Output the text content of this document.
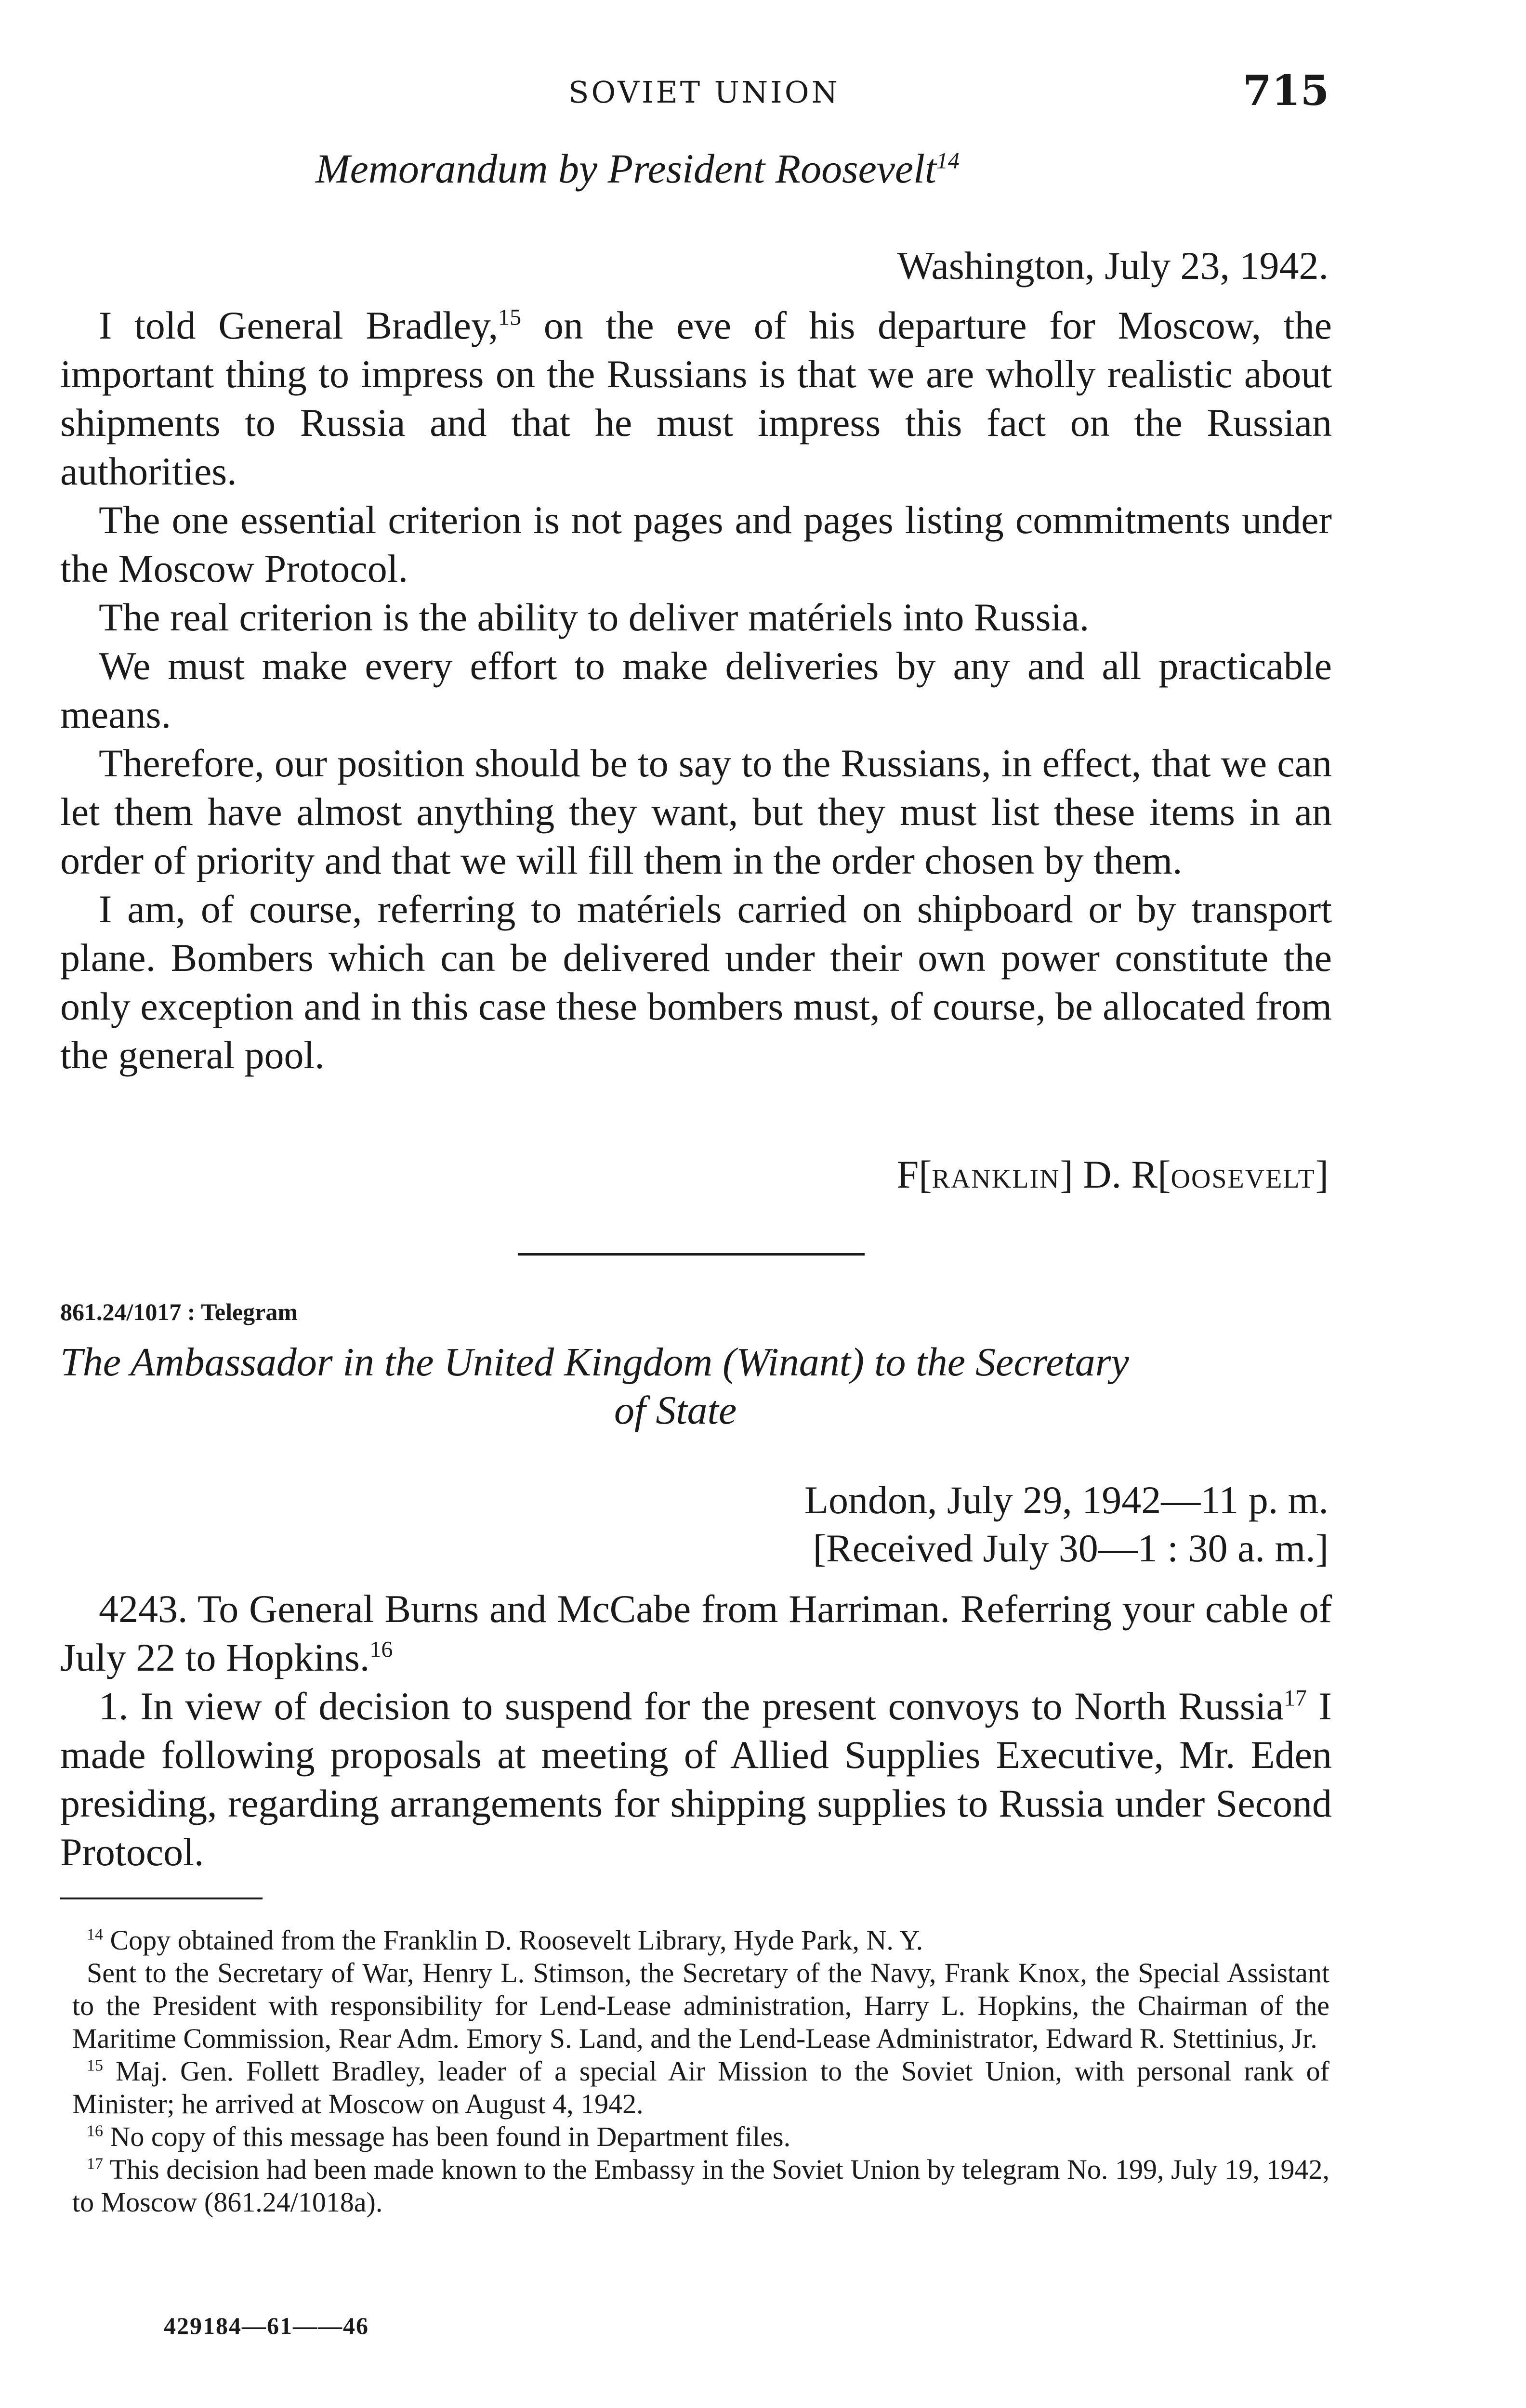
SOVIET UNION	715
Memorandum by President Roosevelt$^{14}$
Washington, July 23, 1942.

I told General Bradley,$^{15}$ on the eve of his departure for Moscow, the important thing to impress on the Russians is that we are wholly realistic about shipments to Russia and that he must impress this fact on the Russian authorities.

The one essential criterion is not pages and pages listing commitments under the Moscow Protocol.

The real criterion is the ability to deliver matériels into Russia.

We must make every effort to make deliveries by any and all practicable means.

Therefore, our position should be to say to the Russians, in effect, that we can let them have almost anything they want, but they must list these items in an order of priority and that we will fill them in the order chosen by them.

I am, of course, referring to matériels carried on shipboard or by transport plane. Bombers which can be delivered under their own power constitute the only exception and in this case these bombers must, of course, be allocated from the general pool.

F[RANKLIN] D. R[OOSEVELT]
861.24/1017 : Telegram
The Ambassador in the United Kingdom (Winant) to the Secretary
of State
London, July 29, 1942—11 p. m.
[Received July 30—1 : 30 a. m.]

4243. To General Burns and McCabe from Harriman. Referring your cable of July 22 to Hopkins.$^{16}$

1. In view of decision to suspend for the present convoys to North Russia$^{17}$ I made following proposals at meeting of Allied Supplies Executive, Mr. Eden presiding, regarding arrangements for shipping supplies to Russia under Second Protocol.

$^{14}$ Copy obtained from the Franklin D. Roosevelt Library, Hyde Park, N. Y.

Sent to the Secretary of War, Henry L. Stimson, the Secretary of the Navy, Frank Knox, the Special Assistant to the President with responsibility for Lend-Lease administration, Harry L. Hopkins, the Chairman of the Maritime Commission, Rear Adm. Emory S. Land, and the Lend-Lease Administrator, Edward R. Stettinius, Jr.

$^{15}$ Maj. Gen. Follett Bradley, leader of a special Air Mission to the Soviet Union, with personal rank of Minister; he arrived at Moscow on August 4, 1942.

$^{16}$ No copy of this message has been found in Department files.

$^{17}$ This decision had been made known to the Embassy in the Soviet Union by telegram No. 199, July 19, 1942, to Moscow (861.24/1018a).

429184—61——46
